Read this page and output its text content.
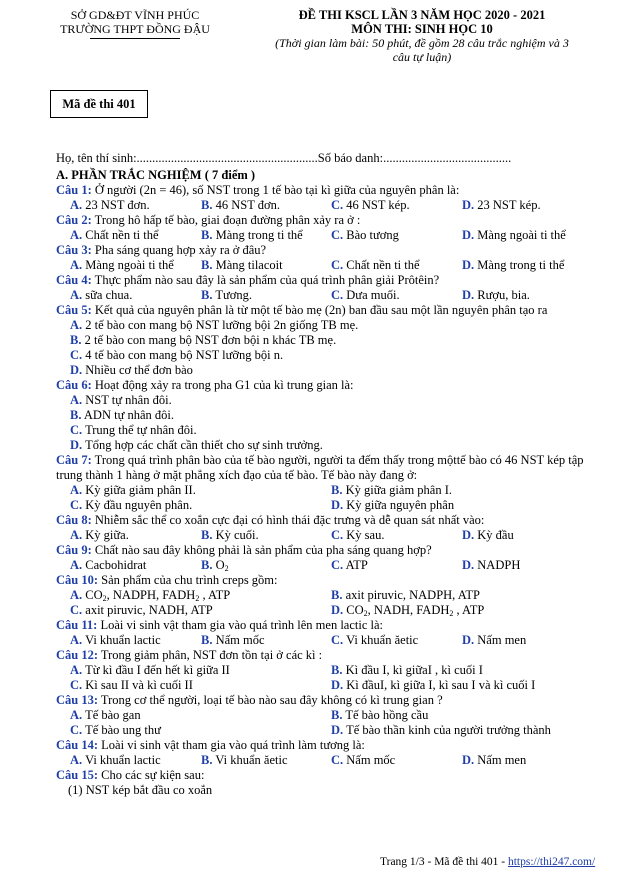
SỞ GD&ĐT VĨNH PHÚC
TRƯỜNG THPT ĐỒNG ĐẬU
ĐỀ THI KSCL LẦN 3 NĂM HỌC 2020 - 2021
MÔN THI: SINH HỌC 10
(Thời gian làm bài: 50 phút, đề gồm 28 câu trắc nghiệm và 3
câu tự luận)
Mã đề thi 401
Họ, tên thí sinh:..........................................................Số báo danh:.........................................
A. PHẦN TRẮC NGHIỆM ( 7 điểm )
Câu 1: Ở người (2n = 46), số NST trong 1 tế bào tại kì giữa của nguyên phân là:
A. 23 NST đơn.	B. 46 NST đơn.	C. 46 NST kép.	D. 23 NST kép.
Câu 2: Trong hô hấp tế bào, giai đoạn đường phân xảy ra ở :
A. Chất nền ti thể	B. Màng trong ti thể C. Bào tương	D. Màng ngoài ti thể
Câu 3: Pha sáng quang hợp xảy ra ở đâu?
A. Màng ngoài ti thể B. Màng tilacoit	C. Chất nền ti thể	D. Màng trong ti thể
Câu 4: Thực phẩm nào sau đây là sản phẩm của quá trình phân giải Prôtêin?
A. sữa chua.	B. Tương.	C. Dưa muối.	D. Rượu, bia.
Câu 5: Kết quả của nguyên phân là từ một tế bào mẹ (2n) ban đầu sau một lần nguyên phân tạo ra
A. 2 tế bào con mang bộ NST lưỡng bội 2n giống TB mẹ.
B. 2 tế bào con mang bộ NST đơn bội n khác TB mẹ.
C. 4 tế bào con mang bộ NST lưỡng bội n.
D. Nhiều cơ thể đơn bào
Câu 6: Hoạt động xảy ra trong pha G1 của kì trung gian là:
A. NST tự nhân đôi.
B. ADN tự nhân đôi.
C. Trung thể tự nhân đôi.
D. Tổng hợp các chất cần thiết cho sự sinh trưởng.
Câu 7: Trong quá trình phân bào của tế bào người, người ta đếm thấy trong mộttế bào có 46 NST kép tập
trung thành 1 hàng ở mặt phẳng xích đạo của tế bào. Tế bào này đang ở:
A. Kỳ giữa giảm phân II.	B. Kỳ giữa giảm phân I.
C. Kỳ đầu nguyên phân.	D. Kỳ giữa nguyên phân
Câu 8: Nhiễm sắc thể co xoắn cực đại có hình thái đặc trưng và dễ quan sát nhất vào:
A. Kỳ giữa.	B. Kỳ cuối.	C. Kỳ sau.	D. Kỳ đầu
Câu 9: Chất nào sau đây không phải là sản phẩm của pha sáng quang hợp?
A. Cacbohidrat	B. $O_2$	C. ATP	D. NADPH
Câu 10: Sản phẩm của chu trình creps gồm:
A. $CO_2$, NADPH, $FADH_2$ , ATP	B. axit piruvic, NADPH, ATP
C. axit piruvic, NADH, ATP	D. $CO_2$, NADH, $FADH_2$ , ATP
Câu 11: Loài vi sinh vật tham gia vào quá trình lên men lactic là:
A. Vi khuẩn lactic	B. Nấm mốc	C. Vi khuẩn ăetic	D. Nấm men
Câu 12: Trong giảm phân, NST đơn tồn tại ở các kì :
A. Từ kì đầu I đến hết kì giữa II	B. Kì đầu I, kì giữaI , kì cuối I
C. Kì sau II và kì cuối II	D. Kì đầuI, kì giữa I, kì sau I và kì cuối I
Câu 13: Trong cơ thể người, loại tế bào nào sau đây không có kì trung gian ?
A. Tế bào gan	B. Tế bào hồng cầu
C. Tế bào ung thư	D. Tế bào thần kinh của người trưởng thành
Câu 14: Loài vi sinh vật tham gia vào quá trình làm tương là:
A. Vi khuẩn lactic	B. Vi khuẩn ăetic	C. Nấm mốc	D. Nấm men
Câu 15: Cho các sự kiện sau:
(1) NST kép bắt đầu co xoắn
Trang 1/3 - Mã đề thi 401 - https://thi247.com/
